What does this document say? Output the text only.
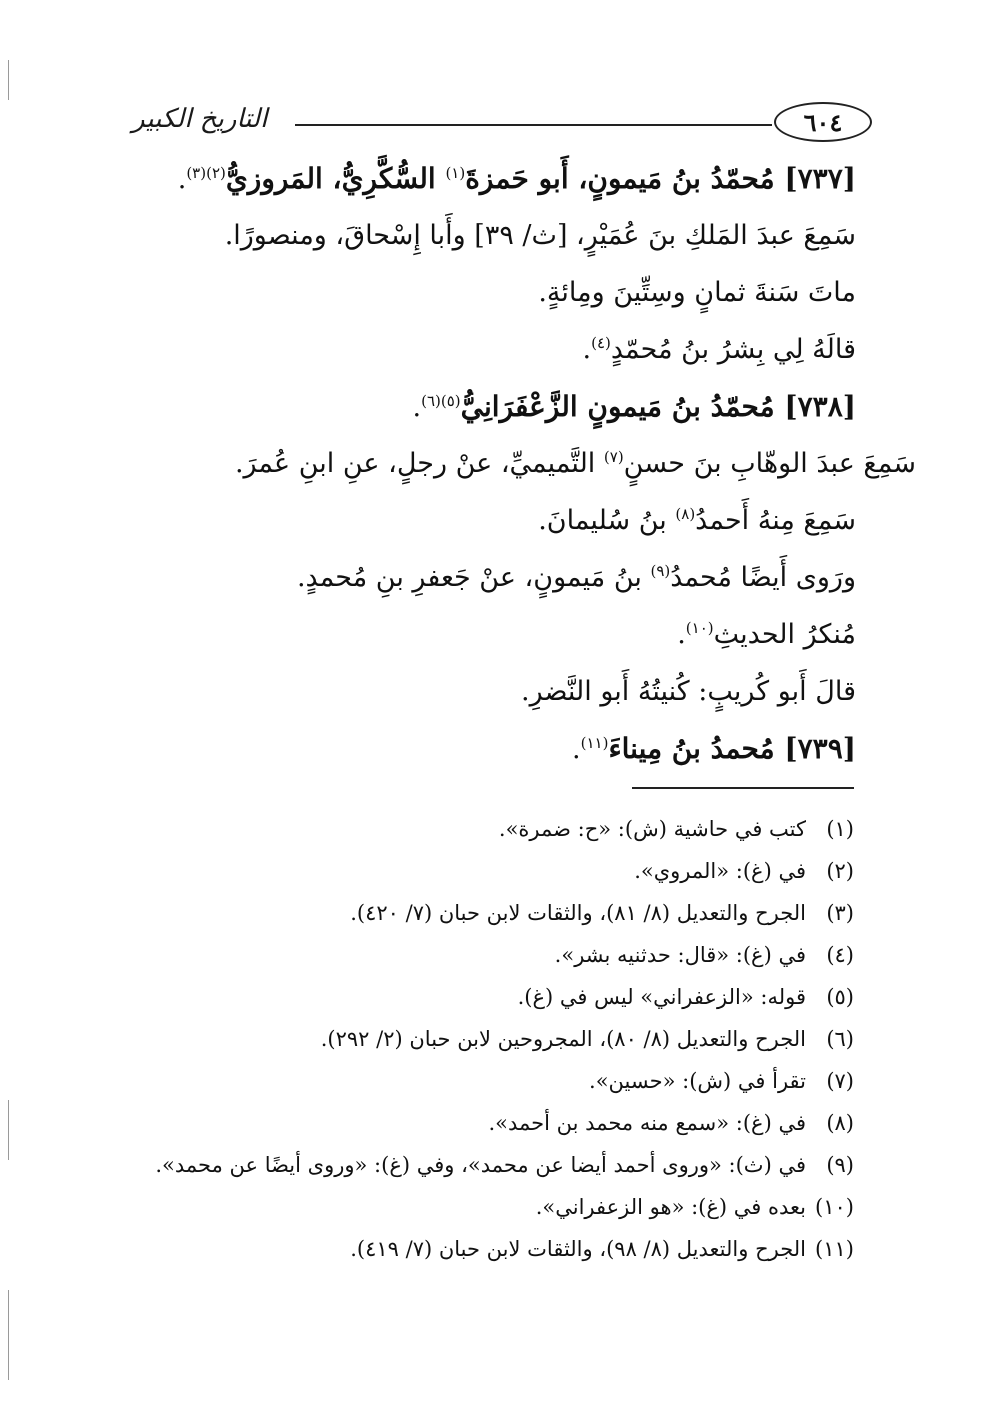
التاريخ الكبير	٦٠٤
[٧٣٧] مُحمّدُ بنُ مَيمونٍ، أَبو حَمزةَ$^{(١)}$ السُّكَّرِيُّ، المَروزيُّ$^{(٢)(٣)}$.
سَمِعَ عبدَ المَلكِ بنَ عُمَيْرٍ، [ث/ ٣٩] وأَبا إِسْحاقَ، ومنصورًا.
ماتَ سَنةَ ثمانٍ وسِتِّينَ ومِائةٍ.
قالَهُ لِي بِشرُ بنُ مُحمّدٍ$^{(٤)}$.
[٧٣٨] مُحمّدُ بنُ مَيمونٍ الزَّعْفَرَانِيُّ$^{(٥)(٦)}$.
سَمِعَ عبدَ الوهّابِ بنَ حسنٍ$^{(٧)}$ التَّميميِّ، عنْ رجلٍ، عنِ ابنِ عُمرَ.
سَمِعَ مِنهُ أَحمدُ$^{(٨)}$ بنُ سُليمانَ.
ورَوى أَيضًا مُحمدُ$^{(٩)}$ بنُ مَيمونٍ، عنْ جَعفرِ بنِ مُحمدٍ.
مُنكرُ الحديثِ$^{(١٠)}$.
قالَ أَبو كُريبٍ: كُنيتُهُ أَبو النَّضرِ.
[٧٣٩] مُحمدُ بنُ مِيناءَ$^{(١١)}$.
(١)
كتب في حاشية (ش): «ح: ضمرة».
(٢)
في (غ): «المروي».
(٣)
الجرح والتعديل (٨/ ٨١)، والثقات لابن حبان (٧/ ٤٢٠).
(٤)
في (غ): «قال: حدثنيه بشر».
(٥)
قوله: «الزعفراني» ليس في (غ).
(٦)
الجرح والتعديل (٨/ ٨٠)، المجروحين لابن حبان (٢/ ٢٩٢).
(٧)
تقرأ في (ش): «حسين».
(٨)
في (غ): «سمع منه محمد بن أحمد».
(٩)
في (ث): «وروى أحمد أيضا عن محمد»، وفي (غ): «وروى أيضًا عن محمد».
(١٠)
بعده في (غ): «هو الزعفراني».
(١١)
الجرح والتعديل (٨/ ٩٨)، والثقات لابن حبان (٧/ ٤١٩).
